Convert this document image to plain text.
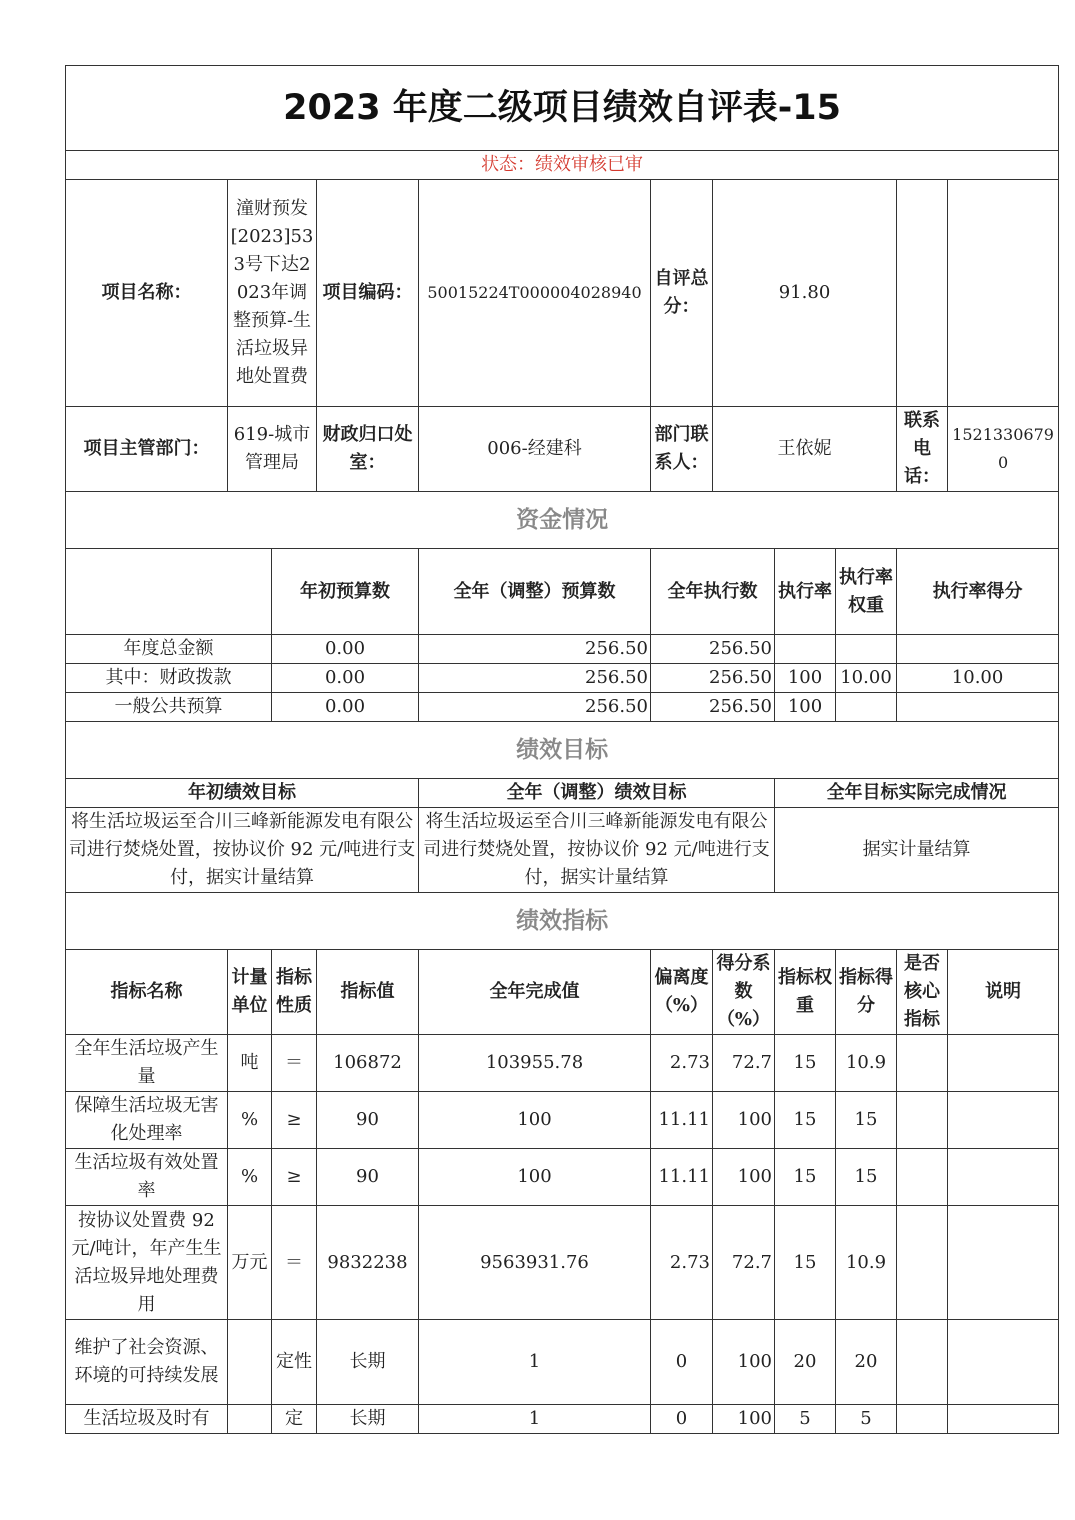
2023 年度二级项目绩效自评表-15										
状态：绩效审核已审										
项目名称：	潼财预发[2023]533号下达2023年调整预算-生活垃圾异地处置费		项目编码：	50015224T000004028940	自评总分：	91.80				
项目主管部门：	619-城市管理局		财政归口处室：	006-经建科	部门联系人：	王依妮			联系电话：	15213306790
资金情况										
		年初预算数		全年（调整）预算数	全年执行数		执行率	执行率权重	执行率得分	
年度总金额		0.00		256.50	256.50					
其中：财政拨款		0.00		256.50	256.50		100	10.00	10.00	
一般公共预算		0.00		256.50	256.50		100			
绩效目标										
年初绩效目标				全年（调整）绩效目标			全年目标实际完成情况			
将生活垃圾运至合川三峰新能源发电有限公司进行焚烧处置，按协议价 92 元/吨进行支付，据实计量结算				将生活垃圾运至合川三峰新能源发电有限公司进行焚烧处置，按协议价 92 元/吨进行支付，据实计量结算			据实计量结算			
绩效指标										
指标名称	计量单位	指标性质	指标值	全年完成值	偏离度（%）	得分系数（%）	指标权重	指标得分	是否核心指标	说明
全年生活垃圾产生量	吨	＝	106872	103955.78	2.73	72.7	15	10.9		
保障生活垃圾无害化处理率	%	≥	90	100	11.11	100	15	15		
生活垃圾有效处置率	%	≥	90	100	11.11	100	15	15		
按协议处置费 92 元/吨计，年产生生活垃圾异地处理费用	万元	＝	9832238	9563931.76	2.73	72.7	15	10.9		
维护了社会资源、环境的可持续发展		定性	长期	1	0	100	20	20		
生活垃圾及时有		定	长期	1	0	100	5	5		
